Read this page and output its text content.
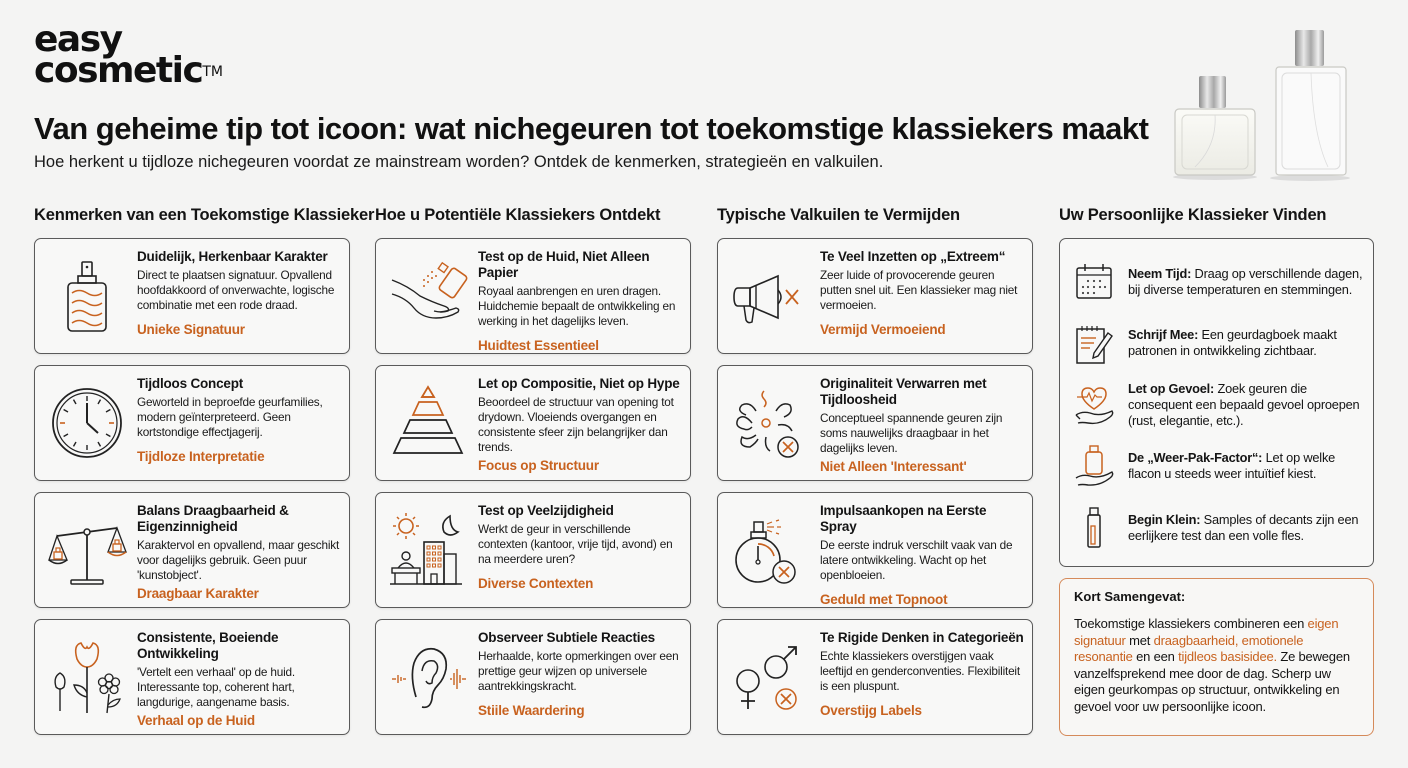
easy
cosmetic™
Van geheime tip tot icoon: wat nichegeuren tot toekomstige klassiekers maakt
Hoe herkent u tijdloze nichegeuren voordat ze mainstream worden? Ontdek de kenmerken, strategieën en valkuilen.
Kenmerken van een Toekomstige Klassieker
Duidelijk, Herkenbaar Karakter

Direct te plaatsen signatuur. Opvallend hoofdakkoord of onverwachte, logische combinatie met een rode draad.

Unieke Signatuur
Tijdloos Concept

Geworteld in beproefde geurfamilies, modern geïnterpreteerd. Geen kortstondige effectjagerij.

Tijdloze Interpretatie
Balans Draagbaarheid & Eigenzinnigheid

Karaktervol en opvallend, maar geschikt voor dagelijks gebruik. Geen puur 'kunstobject'.

Draagbaar Karakter
Consistente, Boeiende Ontwikkeling

'Vertelt een verhaal' op de huid. Interessante top, coherent hart, langdurige, aangename basis.

Verhaal op de Huid
Hoe u Potentiële Klassiekers Ontdekt
Test op de Huid, Niet Alleen Papier

Royaal aanbrengen en uren dragen. Huidchemie bepaalt de ontwikkeling en werking in het dagelijks leven.

Huidtest Essentieel
Let op Compositie, Niet op Hype

Beoordeel de structuur van opening tot drydown. Vloeiends overgangen en consistente sfeer zijn belangrijker dan trends.

Focus op Structuur
Test op Veelzijdigheid

Werkt de geur in verschillende contexten (kantoor, vrije tijd, avond) en na meerdere uren?

Diverse Contexten
Observeer Subtiele Reacties

Herhaalde, korte opmerkingen over een prettige geur wijzen op universele aantrekkingskracht.

Stiile Waardering
Typische Valkuilen te Vermijden
Te Veel Inzetten op „Extreem“

Zeer luide of provocerende geuren putten snel uit. Een klassieker mag niet vermoeien.

Vermijd Vermoeiend
Originaliteit Verwarren met Tijdloosheid

Conceptueel spannende geuren zijn soms nauwelijks draagbaar in het dagelijks leven.

Niet Alleen 'Interessant'
Impulsaankopen na Eerste Spray

De eerste indruk verschilt vaak van de latere ontwikkeling. Wacht op het openbloeien.

Geduld met Topnoot
Te Rigide Denken in Categorieën

Echte klassiekers overstijgen vaak leeftijd en genderconventies. Flexibiliteit is een pluspunt.

Overstijg Labels
Uw Persoonlijke Klassieker Vinden
Neem Tijd: Draag op verschillende dagen, bij diverse temperaturen en stemmingen.
Schrijf Mee: Een geurdagboek maakt patronen in ontwikkeling zichtbaar.
Let op Gevoel: Zoek geuren die consequent een bepaald gevoel oproepen (rust, elegantie, etc.).
De „Weer-Pak-Factor“: Let op welke flacon u steeds weer intuïtief kiest.
Begin Klein: Samples of decants zijn een eerlijkere test dan een volle fles.
Kort Samengevat:

Toekomstige klassiekers combineren een eigen signatuur met draagbaarheid, emotionele resonantie en een tijdleos basisidee. Ze bewegen vanzelfsprekend mee door de dag. Scherp uw eigen geurkompas op structuur, ontwikkeling en gevoel voor uw persoonlijke icoon.
